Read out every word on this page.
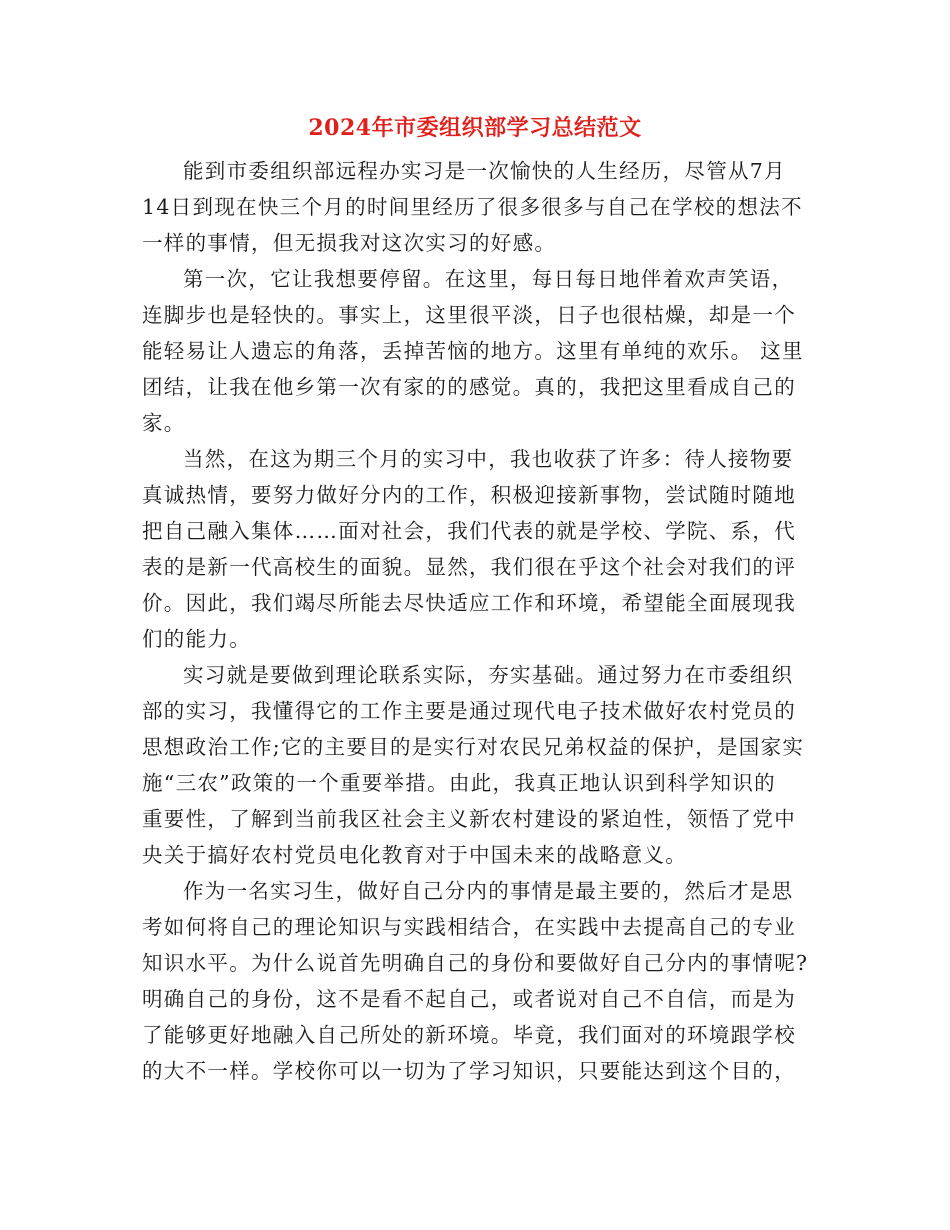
2024年市委组织部学习总结范文

能到市委组织部远程办实习是一次愉快的人生经历，尽管从7月
14日到现在快三个月的时间里经历了很多很多与自己在学校的想法不
一样的事情，但无损我对这次实习的好感。

第一次，它让我想要停留。在这里，每日每日地伴着欢声笑语，
连脚步也是轻快的。事实上，这里很平淡，日子也很枯燥，却是一个
能轻易让人遗忘的角落，丢掉苦恼的地方。这里有单纯的欢乐。 这里
团结，让我在他乡第一次有家的的感觉。真的，我把这里看成自己的
家。

当然，在这为期三个月的实习中，我也收获了许多：待人接物要
真诚热情，要努力做好分内的工作，积极迎接新事物，尝试随时随地
把自己融入集体……面对社会，我们代表的就是学校、学院、系，代
表的是新一代高校生的面貌。显然，我们很在乎这个社会对我们的评
价。因此，我们竭尽所能去尽快适应工作和环境，希望能全面展现我
们的能力。

实习就是要做到理论联系实际，夯实基础。通过努力在市委组织
部的实习，我懂得它的工作主要是通过现代电子技术做好农村党员的
思想政治工作;它的主要目的是实行对农民兄弟权益的保护，是国家实
施“三农”政策的一个重要举措。由此，我真正地认识到科学知识的
重要性，了解到当前我区社会主义新农村建设的紧迫性，领悟了党中
央关于搞好农村党员电化教育对于中国未来的战略意义。

作为一名实习生，做好自己分内的事情是最主要的，然后才是思
考如何将自己的理论知识与实践相结合，在实践中去提高自己的专业
知识水平。为什么说首先明确自己的身份和要做好自己分内的事情呢?
明确自己的身份，这不是看不起自己，或者说对自己不自信，而是为
了能够更好地融入自己所处的新环境。毕竟，我们面对的环境跟学校
的大不一样。学校你可以一切为了学习知识，只要能达到这个目的，
